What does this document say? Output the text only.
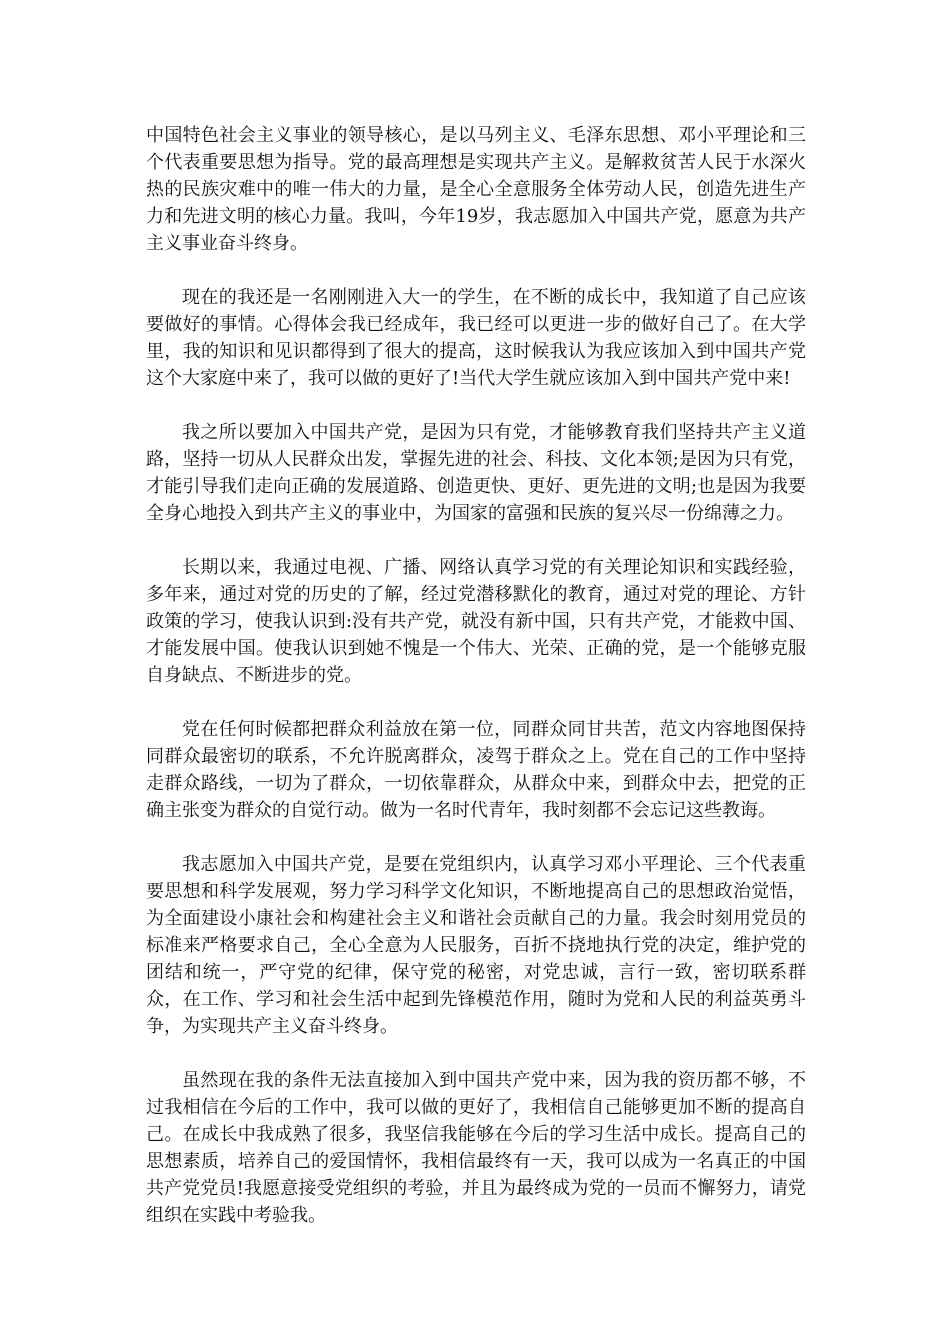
中国特色社会主义事业的领导核心，是以马列主义、毛泽东思想、邓小平理论和三个代表重要思想为指导。党的最高理想是实现共产主义。是解救贫苦人民于水深火热的民族灾难中的唯一伟大的力量，是全心全意服务全体劳动人民，创造先进生产力和先进文明的核心力量。我叫，今年19岁，我志愿加入中国共产党，愿意为共产主义事业奋斗终身。

现在的我还是一名刚刚进入大一的学生，在不断的成长中，我知道了自己应该要做好的事情。心得体会我已经成年，我已经可以更进一步的做好自己了。在大学里，我的知识和见识都得到了很大的提高，这时候我认为我应该加入到中国共产党这个大家庭中来了，我可以做的更好了!当代大学生就应该加入到中国共产党中来!

我之所以要加入中国共产党，是因为只有党，才能够教育我们坚持共产主义道路，坚持一切从人民群众出发，掌握先进的社会、科技、文化本领;是因为只有党，才能引导我们走向正确的发展道路、创造更快、更好、更先进的文明;也是因为我要全身心地投入到共产主义的事业中，为国家的富强和民族的复兴尽一份绵薄之力。

长期以来，我通过电视、广播、网络认真学习党的有关理论知识和实践经验，多年来，通过对党的历史的了解，经过党潜移默化的教育，通过对党的理论、方针政策的学习，使我认识到:没有共产党，就没有新中国，只有共产党，才能救中国、才能发展中国。使我认识到她不愧是一个伟大、光荣、正确的党，是一个能够克服自身缺点、不断进步的党。

党在任何时候都把群众利益放在第一位，同群众同甘共苦，范文内容地图保持同群众最密切的联系，不允许脱离群众，凌驾于群众之上。党在自己的工作中坚持走群众路线，一切为了群众，一切依靠群众，从群众中来，到群众中去，把党的正确主张变为群众的自觉行动。做为一名时代青年，我时刻都不会忘记这些教诲。

我志愿加入中国共产党，是要在党组织内，认真学习邓小平理论、三个代表重要思想和科学发展观，努力学习科学文化知识，不断地提高自己的思想政治觉悟，为全面建设小康社会和构建社会主义和谐社会贡献自己的力量。我会时刻用党员的标准来严格要求自己，全心全意为人民服务，百折不挠地执行党的决定，维护党的团结和统一，严守党的纪律，保守党的秘密，对党忠诚，言行一致，密切联系群众，在工作、学习和社会生活中起到先锋模范作用，随时为党和人民的利益英勇斗争，为实现共产主义奋斗终身。

虽然现在我的条件无法直接加入到中国共产党中来，因为我的资历都不够，不过我相信在今后的工作中，我可以做的更好了，我相信自己能够更加不断的提高自己。在成长中我成熟了很多，我坚信我能够在今后的学习生活中成长。提高自己的思想素质，培养自己的爱国情怀，我相信最终有一天，我可以成为一名真正的中国共产党党员!我愿意接受党组织的考验，并且为最终成为党的一员而不懈努力，请党组织在实践中考验我。
